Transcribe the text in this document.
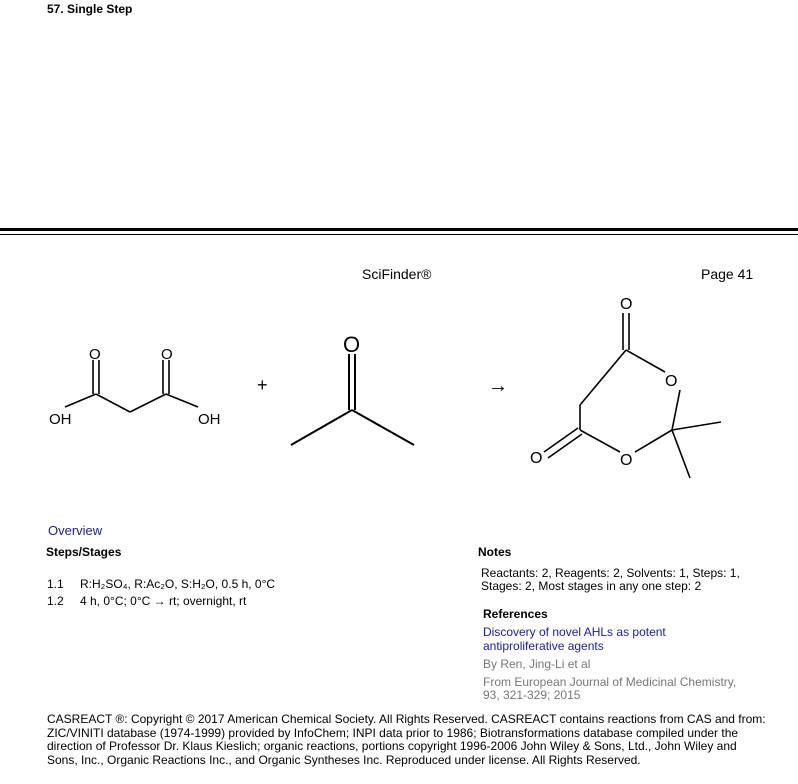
57. Single Step
SciFinder®	Page 41
O	O
OH	OH
+
O
→
O
O
O
O
Overview
Steps/Stages
1.1 R:H₂SO₄, R:Ac₂O, S:H₂O, 0.5 h, 0°C
1.2 4 h, 0°C; 0°C → rt; overnight, rt
Notes
Reactants: 2, Reagents: 2, Solvents: 1, Steps: 1, Stages: 2, Most stages in any one step: 2
References
Discovery of novel AHLs as potent antiproliferative agents
By Ren, Jing-Li et al
From European Journal of Medicinal Chemistry, 93, 321-329; 2015
CASREACT ®: Copyright © 2017 American Chemical Society. All Rights Reserved. CASREACT contains reactions from CAS and from: ZIC/VINITI database (1974-1999) provided by InfoChem; INPI data prior to 1986; Biotransformations database compiled under the direction of Professor Dr. Klaus Kieslich; organic reactions, portions copyright 1996-2006 John Wiley & Sons, Ltd., John Wiley and Sons, Inc., Organic Reactions Inc., and Organic Syntheses Inc. Reproduced under license. All Rights Reserved.
